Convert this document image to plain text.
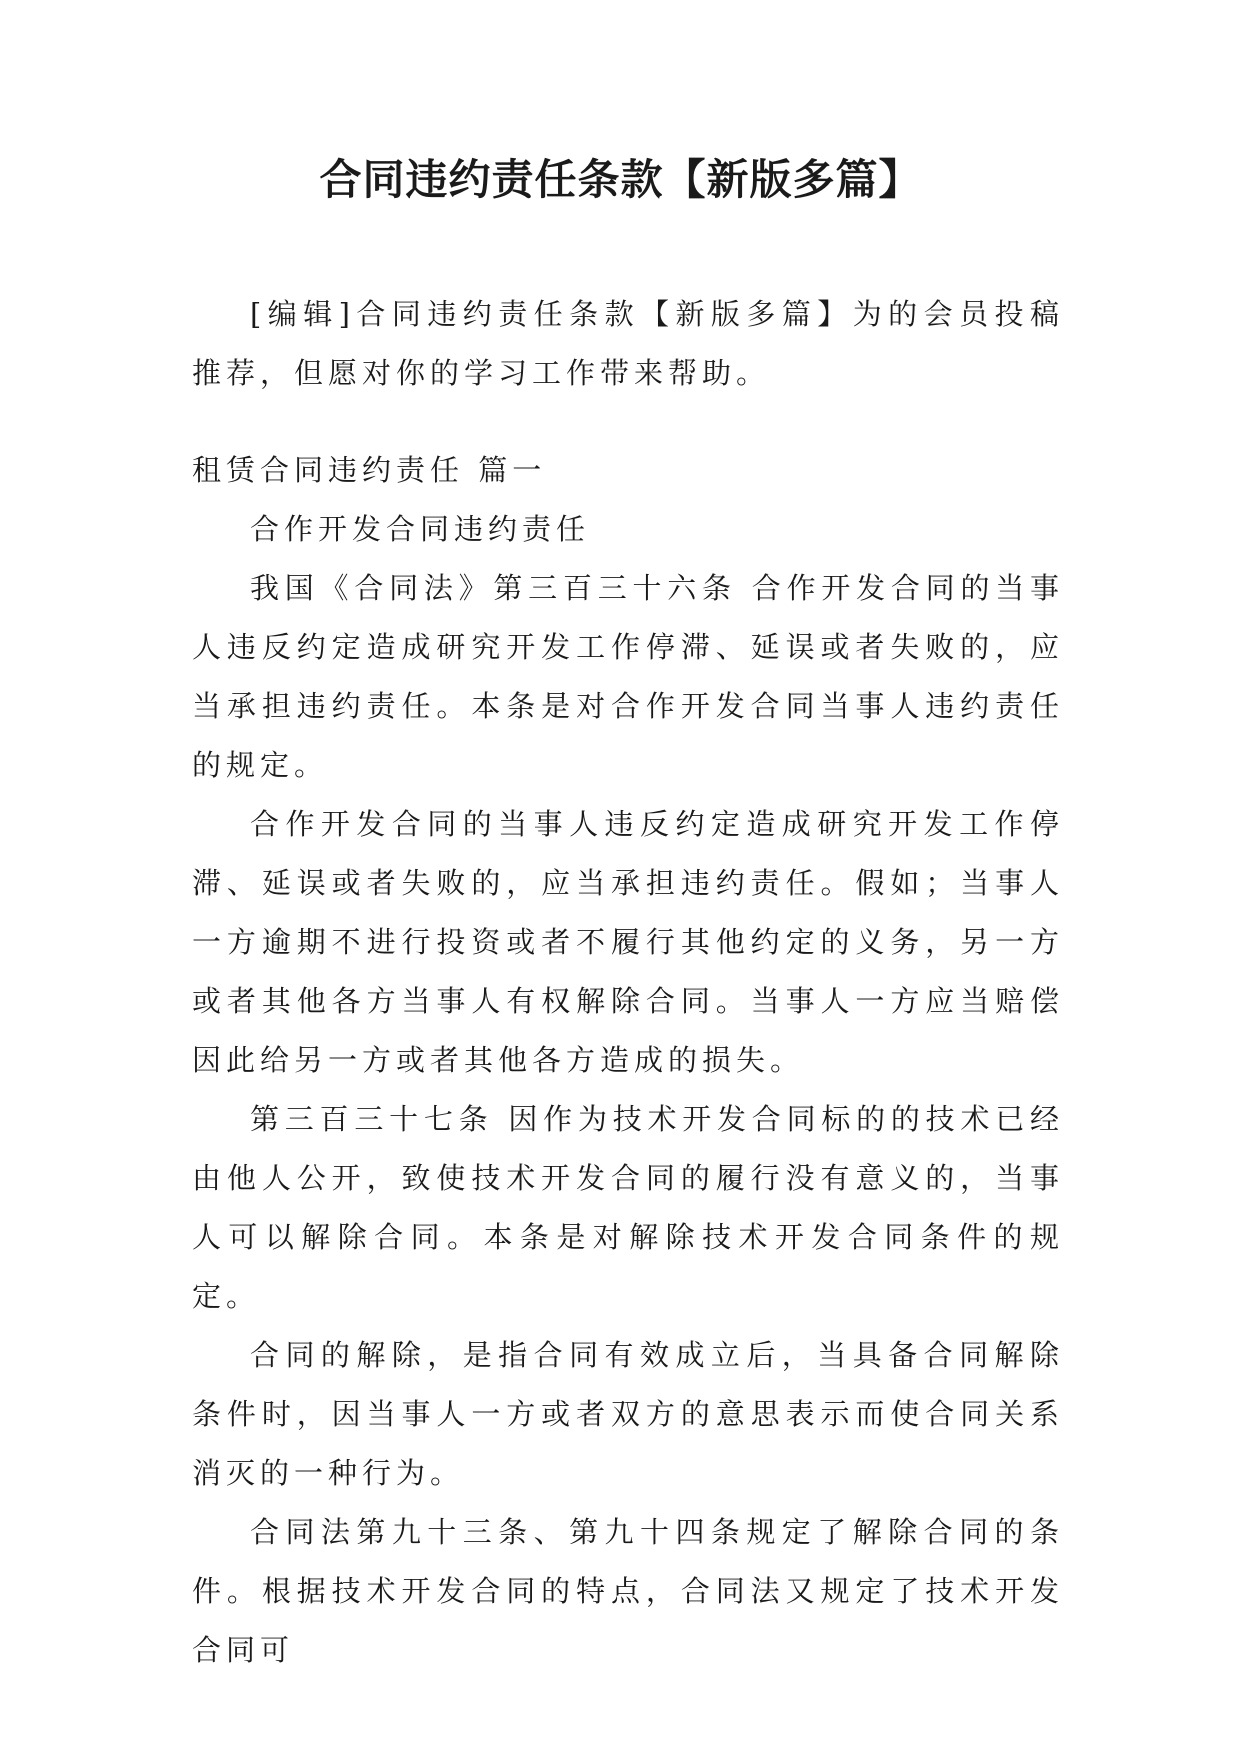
合同违约责任条款【新版多篇】

[编辑]合同违约责任条款【新版多篇】为的会员投稿推荐，但愿对你的学习工作带来帮助。

租赁合同违约责任 篇一

合作开发合同违约责任

我国《合同法》第三百三十六条 合作开发合同的当事人违反约定造成研究开发工作停滞、延误或者失败的，应当承担违约责任。本条是对合作开发合同当事人违约责任的规定。

合作开发合同的当事人违反约定造成研究开发工作停滞、延误或者失败的，应当承担违约责任。假如；当事人一方逾期不进行投资或者不履行其他约定的义务，另一方或者其他各方当事人有权解除合同。当事人一方应当赔偿因此给另一方或者其他各方造成的损失。

第三百三十七条 因作为技术开发合同标的的技术已经由他人公开，致使技术开发合同的履行没有意义的，当事人可以解除合同。本条是对解除技术开发合同条件的规定。

合同的解除，是指合同有效成立后，当具备合同解除条件时，因当事人一方或者双方的意思表示而使合同关系消灭的一种行为。

合同法第九十三条、第九十四条规定了解除合同的条件。根据技术开发合同的特点，合同法又规定了技术开发合同可
